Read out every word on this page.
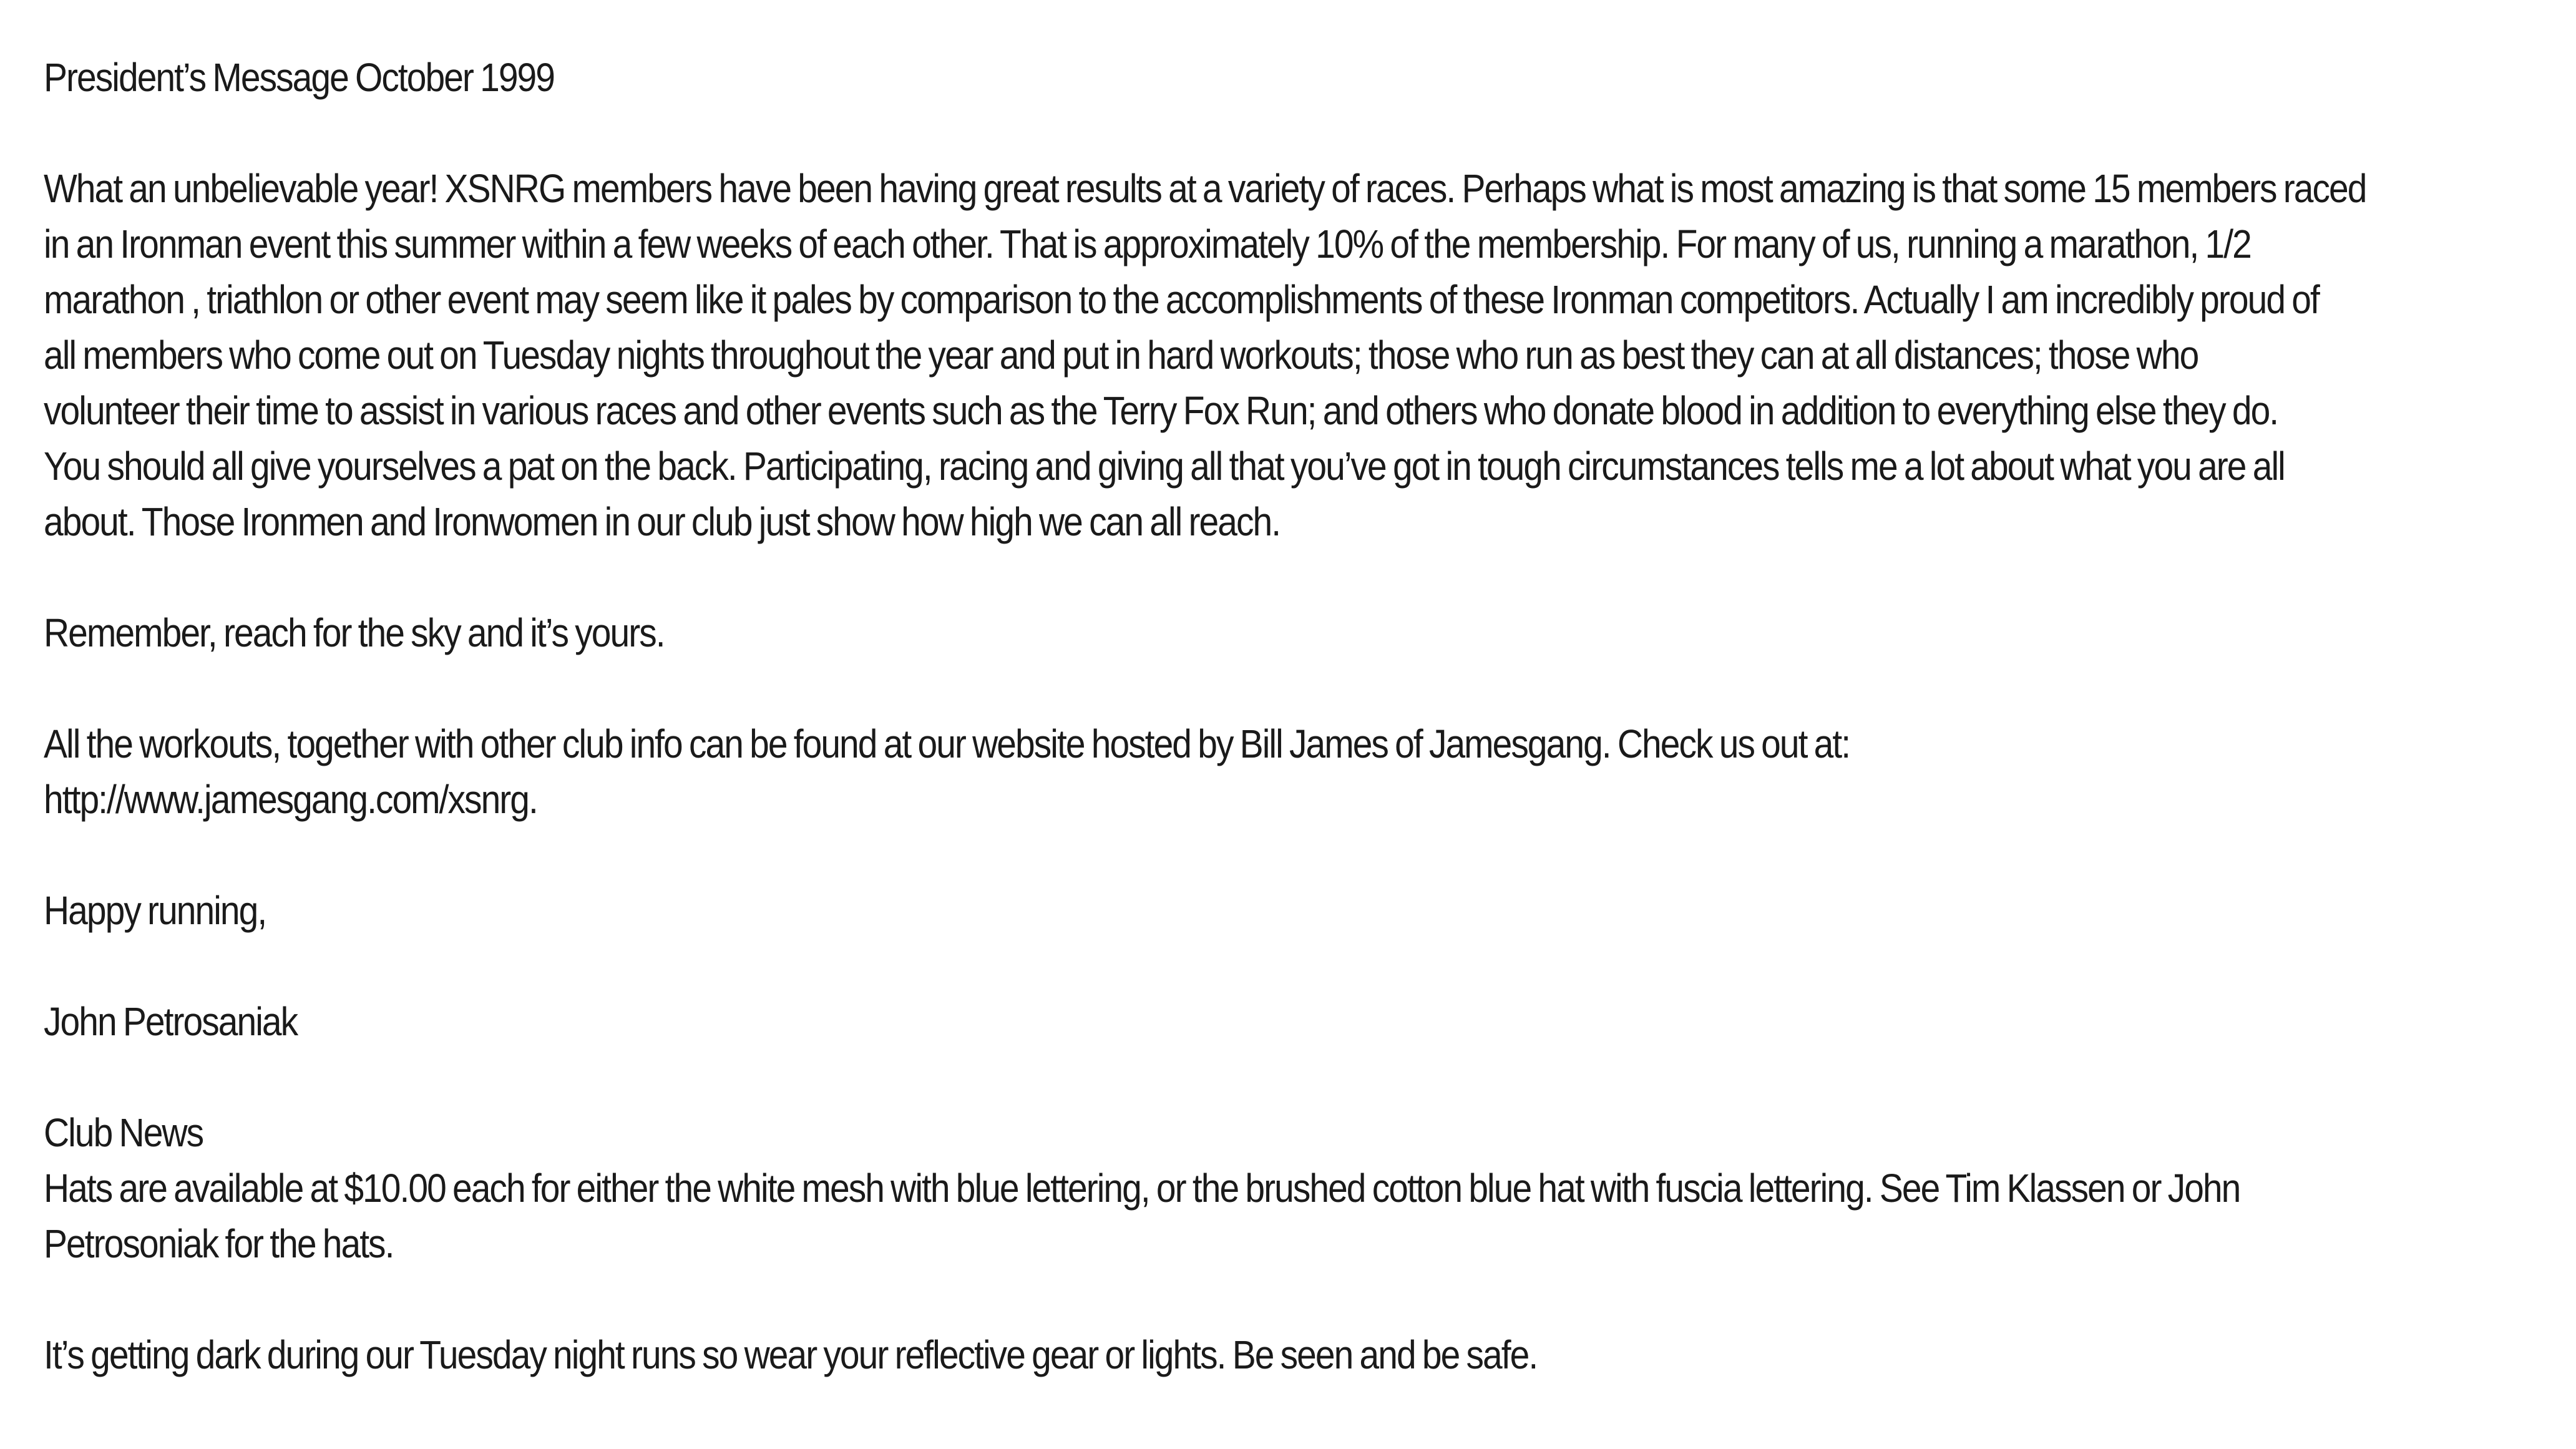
President’s Message October 1999

What an unbelievable year! XSNRG members have been having great results at a variety of races. Perhaps what is most amazing is that some 15 members raced
in an Ironman event this summer within a few weeks of each other. That is approximately 10% of the membership. For many of us, running a marathon, 1/2
marathon , triathlon or other event may seem like it pales by comparison to the accomplishments of these Ironman competitors. Actually I am incredibly proud of
all members who come out on Tuesday nights throughout the year and put in hard workouts; those who run as best they can at all distances; those who
volunteer their time to assist in various races and other events such as the Terry Fox Run; and others who donate blood in addition to everything else they do.
You should all give yourselves a pat on the back. Participating, racing and giving all that you’ve got in tough circumstances tells me a lot about what you are all
about. Those Ironmen and Ironwomen in our club just show how high we can all reach.

Remember, reach for the sky and it’s yours.

All the workouts, together with other club info can be found at our website hosted by Bill James of Jamesgang. Check us out at:
http://www.jamesgang.com/xsnrg.

Happy running,

John Petrosaniak

Club News

Hats are available at $10.00 each for either the white mesh with blue lettering, or the brushed cotton blue hat with fuscia lettering. See Tim Klassen or John
Petrosoniak for the hats.

It’s getting dark during our Tuesday night runs so wear your reflective gear or lights. Be seen and be safe.
